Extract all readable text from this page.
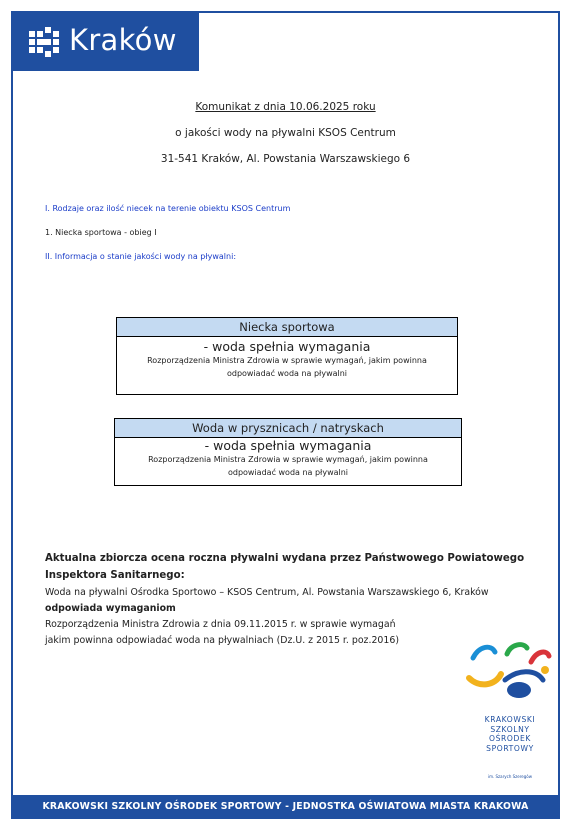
Kraków
Komunikat z dnia 10.06.2025 roku
o jakości wody na pływalni KSOS Centrum
31-541 Kraków, Al. Powstania Warszawskiego 6
I. Rodzaje oraz ilość niecek na terenie obiektu KSOS Centrum
1. Niecka sportowa - obieg I
II. Informacja o stanie jakości wody na pływalni:
Niecka sportowa
- woda spełnia wymagania
Rozporządzenia Ministra Zdrowia w sprawie wymagań, jakim powinna
odpowiadać woda na pływalni
Woda w prysznicach / natryskach
- woda spełnia wymagania
Rozporządzenia Ministra Zdrowia w sprawie wymagań, jakim powinna
odpowiadać woda na pływalni
Aktualna zbiorcza ocena roczna pływalni wydana przez Państwowego Powiatowego
Inspektora Sanitarnego:
Woda na pływalni Ośrodka Sportowo – KSOS Centrum, Al. Powstania Warszawskiego 6, Kraków
odpowiada wymaganiom
Rozporządzenia Ministra Zdrowia z dnia 09.11.2015 r. w sprawie wymagań
jakim powinna odpowiadać woda na pływalniach (Dz.U. z 2015 r. poz.2016)
KRAKOWSKI
SZKOLNY
OŚRODEK
SPORTOWY
im. Szarych Szeregów
KRAKOWSKI SZKOLNY OŚRODEK SPORTOWY - JEDNOSTKA OŚWIATOWA MIASTA KRAKOWA
